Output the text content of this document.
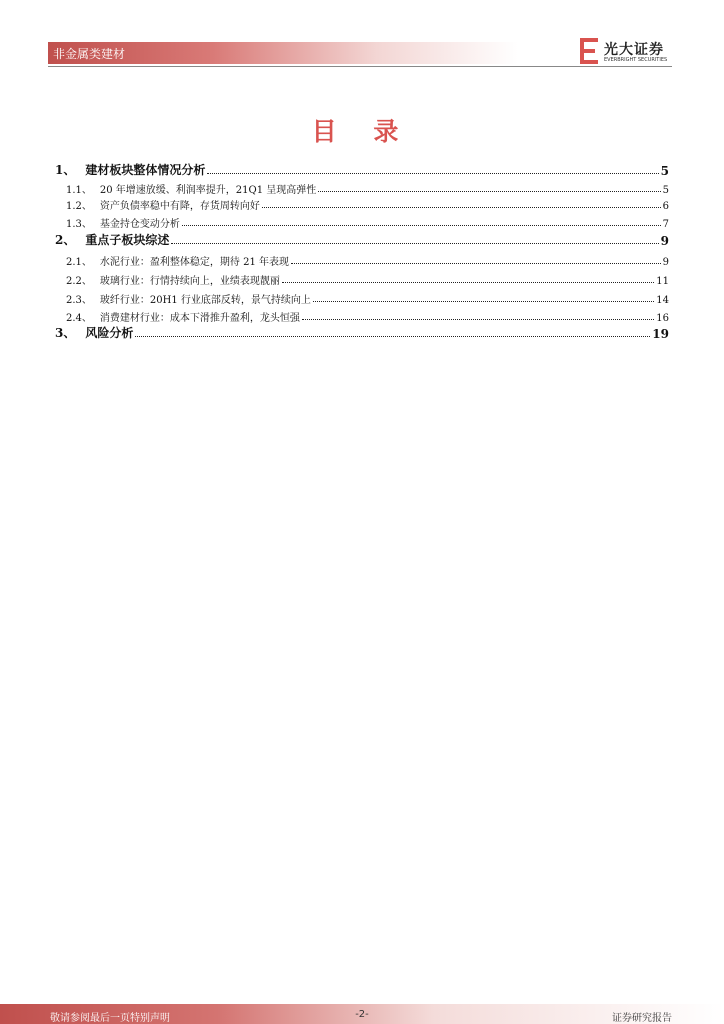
非金属类建材	光大证券
EVERBRIGHT SECURITIES
目 录
1、 建材板块整体情况分析	5
1.1、 20 年增速放缓、利润率提升，21Q1 呈现高弹性	5
1.2、 资产负债率稳中有降，存货周转向好	6
1.3、 基金持仓变动分析	7
2、 重点子板块综述	9
2.1、 水泥行业：盈利整体稳定，期待 21 年表现	9
2.2、 玻璃行业：行情持续向上，业绩表现靓丽	11
2.3、 玻纤行业：20H1 行业底部反转，景气持续向上	14
2.4、 消费建材行业：成本下滑推升盈利，龙头恒强	16
3、 风险分析	19
敬请参阅最后一页特别声明	-2-	证券研究报告
